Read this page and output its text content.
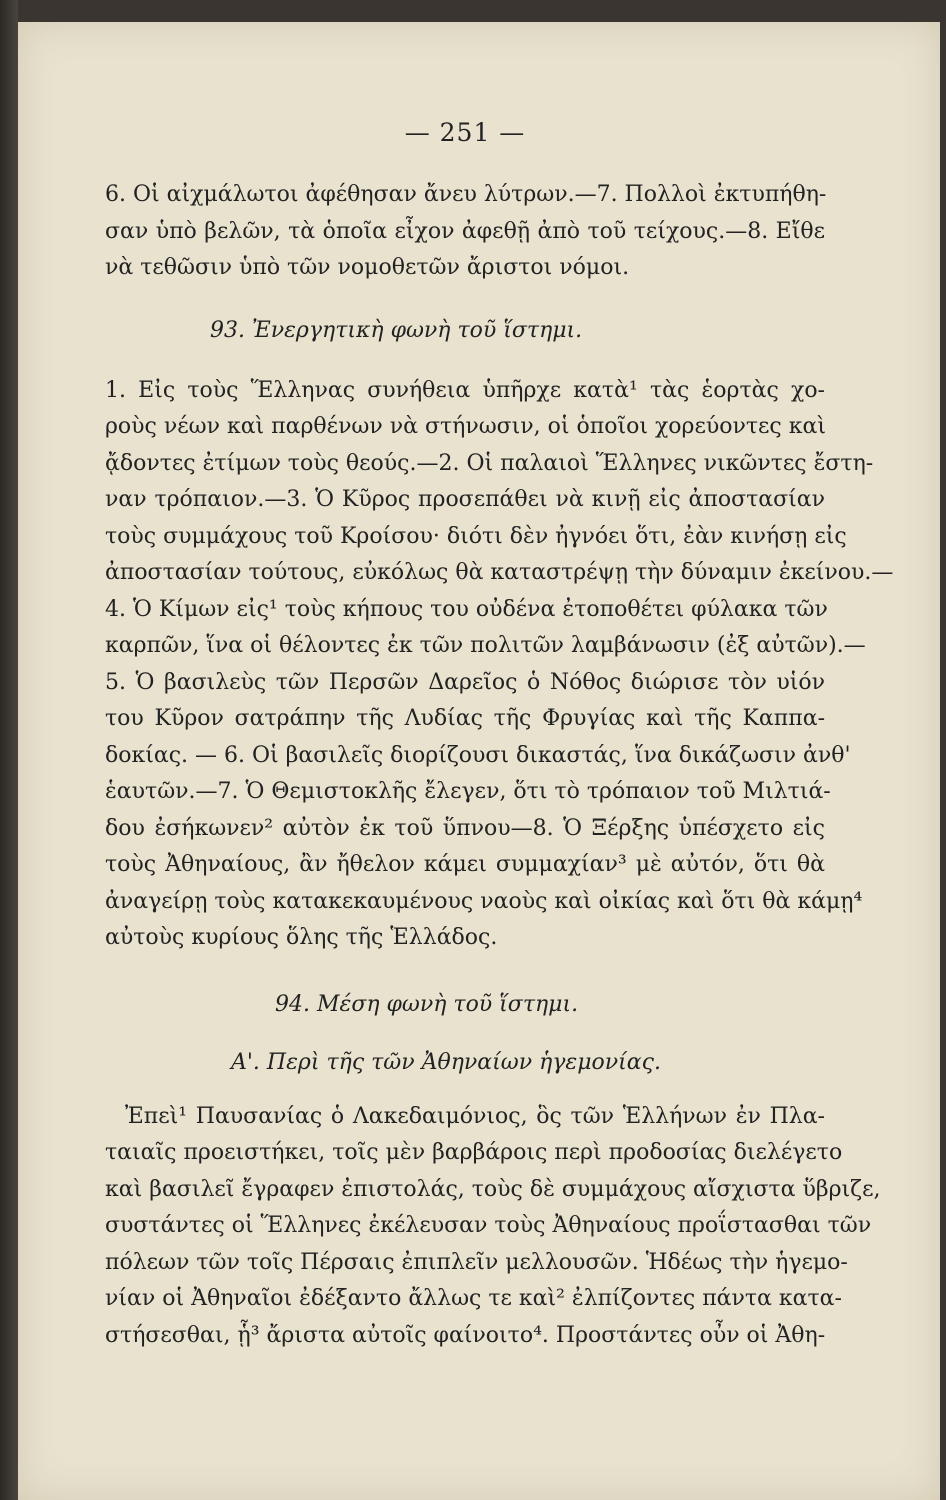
— 251 —
6. Οἱ αἰχμάλωτοι ἀφέθησαν ἄνευ λύτρων.—7. Πολλοὶ ἐκτυπήθη-
σαν ὑπὸ βελῶν, τὰ ὁποῖα εἶχον ἀφεθῇ ἀπὸ τοῦ τείχους.—8. Εἴθε
νὰ τεθῶσιν ὑπὸ τῶν νομοθετῶν ἄριστοι νόμοι.
93. Ἐνεργητικὴ φωνὴ τοῦ ἵστημι.
1. Εἰς τοὺς Ἕλληνας συνήθεια ὑπῆρχε κατὰ¹ τὰς ἑορτὰς χο-
ροὺς νέων καὶ παρθένων νὰ στήνωσιν, οἱ ὁποῖοι χορεύοντες καὶ
ᾄδοντες ἐτίμων τοὺς θεούς.—2. Οἱ παλαιοὶ Ἕλληνες νικῶντες ἔστη-
ναν τρόπαιον.—3. Ὁ Κῦρος προσεπάθει νὰ κινῇ εἰς ἀποστασίαν
τοὺς συμμάχους τοῦ Κροίσου· διότι δὲν ἠγνόει ὅτι, ἐὰν κινήσῃ εἰς
ἀποστασίαν τούτους, εὐκόλως θὰ καταστρέψῃ τὴν δύναμιν ἐκείνου.—
4. Ὁ Κίμων εἰς¹ τοὺς κήπους του οὐδένα ἐτοποθέτει φύλακα τῶν
καρπῶν, ἵνα οἱ θέλοντες ἐκ τῶν πολιτῶν λαμβάνωσιν (ἐξ αὐτῶν).—
5. Ὁ βασιλεὺς τῶν Περσῶν Δαρεῖος ὁ Νόθος διώρισε τὸν υἱόν
του Κῦρον σατράπην τῆς Λυδίας τῆς Φρυγίας καὶ τῆς Καππα-
δοκίας. — 6. Οἱ βασιλεῖς διορίζουσι δικαστάς, ἵνα δικάζωσιν ἀνθ'
ἑαυτῶν.—7. Ὁ Θεμιστοκλῆς ἔλεγεν, ὅτι τὸ τρόπαιον τοῦ Μιλτιά-
δου ἐσήκωνεν² αὐτὸν ἐκ τοῦ ὕπνου—8. Ὁ Ξέρξης ὑπέσχετο εἰς
τοὺς Ἀθηναίους, ἂν ἤθελον κάμει συμμαχίαν³ μὲ αὐτόν, ὅτι θὰ
ἀναγείρῃ τοὺς κατακεκαυμένους ναοὺς καὶ οἰκίας καὶ ὅτι θὰ κάμῃ⁴
αὐτοὺς κυρίους ὅλης τῆς Ἑλλάδος.
94. Μέση φωνὴ τοῦ ἵστημι.
Α'. Περὶ τῆς τῶν Ἀθηναίων ἡγεμονίας.
Ἐπεὶ¹ Παυσανίας ὁ Λακεδαιμόνιος, ὃς τῶν Ἑλλήνων ἐν Πλα-
ταιαῖς προειστήκει, τοῖς μὲν βαρβάροις περὶ προδοσίας διελέγετο
καὶ βασιλεῖ ἔγραφεν ἐπιστολάς, τοὺς δὲ συμμάχους αἴσχιστα ὕβριζε,
συστάντες οἱ Ἕλληνες ἐκέλευσαν τοὺς Ἀθηναίους προΐστασθαι τῶν
πόλεων τῶν τοῖς Πέρσαις ἐπιπλεῖν μελλουσῶν. Ἡδέως τὴν ἡγεμο-
νίαν οἱ Ἀθηναῖοι ἐδέξαντο ἄλλως τε καὶ² ἐλπίζοντες πάντα κατα-
στήσεσθαι, ᾗ³ ἄριστα αὐτοῖς φαίνοιτο⁴. Προστάντες οὖν οἱ Ἀθη-
